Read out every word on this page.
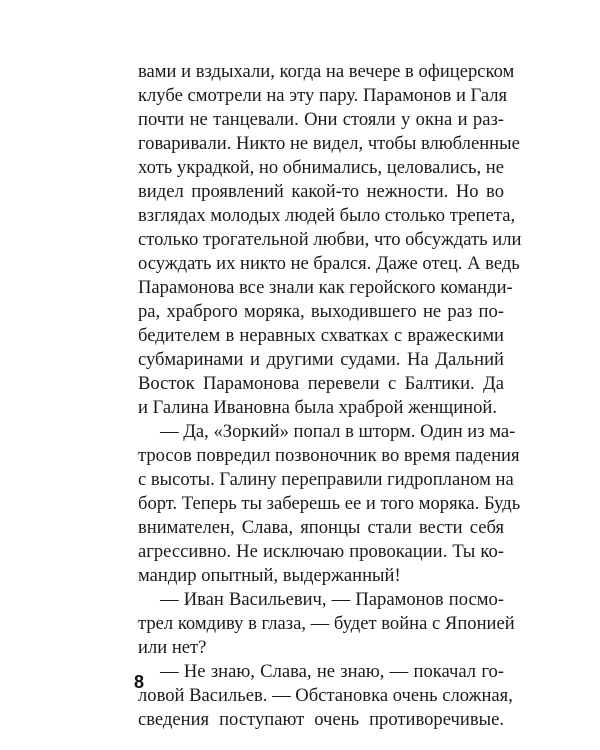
вами и вздыхали, когда на вечере в офицерском
клубе смотрели на эту пару. Парамонов и Галя
почти не танцевали. Они стояли у окна и раз-
говаривали. Никто не видел, чтобы влюбленные
хоть украдкой, но обнимались, целовались, не
видел проявлений какой-то нежности. Но во
взглядах молодых людей было столько трепета,
столько трогательной любви, что обсуждать или
осуждать их никто не брался. Даже отец. А ведь
Парамонова все знали как геройского команди-
ра, храброго моряка, выходившего не раз по-
бедителем в неравных схватках с вражескими
субмаринами и другими судами. На Дальний
Восток Парамонова перевели с Балтики. Да
и Галина Ивановна была храброй женщиной.
— Да, «Зоркий» попал в шторм. Один из ма-
тросов повредил позвоночник во время падения
с высоты. Галину переправили гидропланом на
борт. Теперь ты заберешь ее и того моряка. Будь
внимателен, Слава, японцы стали вести себя
агрессивно. Не исключаю провокации. Ты ко-
мандир опытный, выдержанный!
— Иван Васильевич, — Парамонов посмо-
трел комдиву в глаза, — будет война с Японией
или нет?
— Не знаю, Слава, не знаю, — покачал го-
ловой Васильев. — Обстановка очень сложная,
сведения поступают очень противоречивые.
8
